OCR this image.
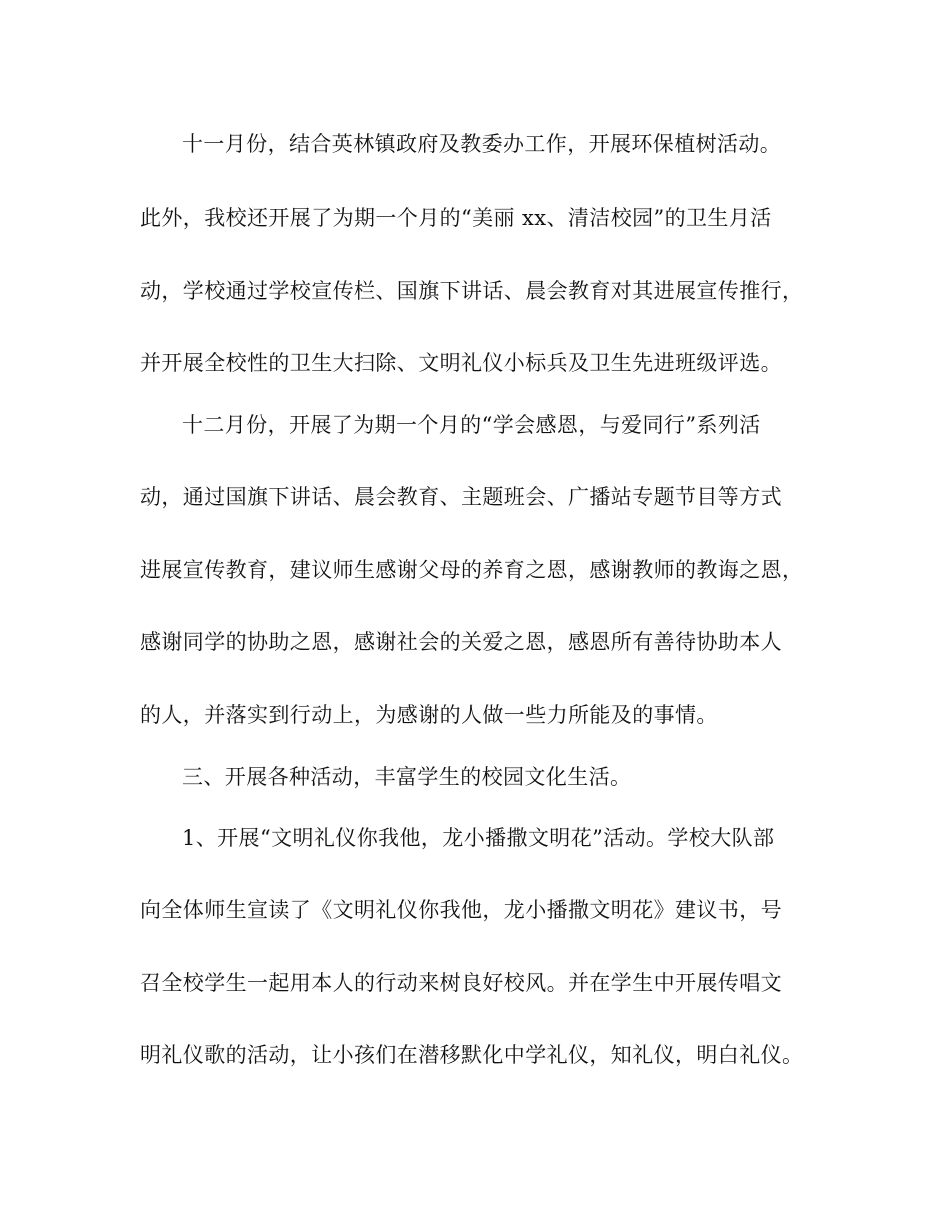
十一月份，结合英林镇政府及教委办工作，开展环保植树活动。
此外，我校还开展了为期一个月的“美丽 xx、清洁校园”的卫生月活
动，学校通过学校宣传栏、国旗下讲话、晨会教育对其进展宣传推行，
并开展全校性的卫生大扫除、文明礼仪小标兵及卫生先进班级评选。
十二月份，开展了为期一个月的“学会感恩，与爱同行”系列活
动，通过国旗下讲话、晨会教育、主题班会、广播站专题节目等方式
进展宣传教育，建议师生感谢父母的养育之恩，感谢教师的教诲之恩，
感谢同学的协助之恩，感谢社会的关爱之恩，感恩所有善待协助本人
的人，并落实到行动上，为感谢的人做一些力所能及的事情。
三、开展各种活动，丰富学生的校园文化生活。
1、开展“文明礼仪你我他，龙小播撒文明花”活动。学校大队部
向全体师生宣读了《文明礼仪你我他，龙小播撒文明花》建议书，号
召全校学生一起用本人的行动来树良好校风。并在学生中开展传唱文
明礼仪歌的活动，让小孩们在潜移默化中学礼仪，知礼仪，明白礼仪。
